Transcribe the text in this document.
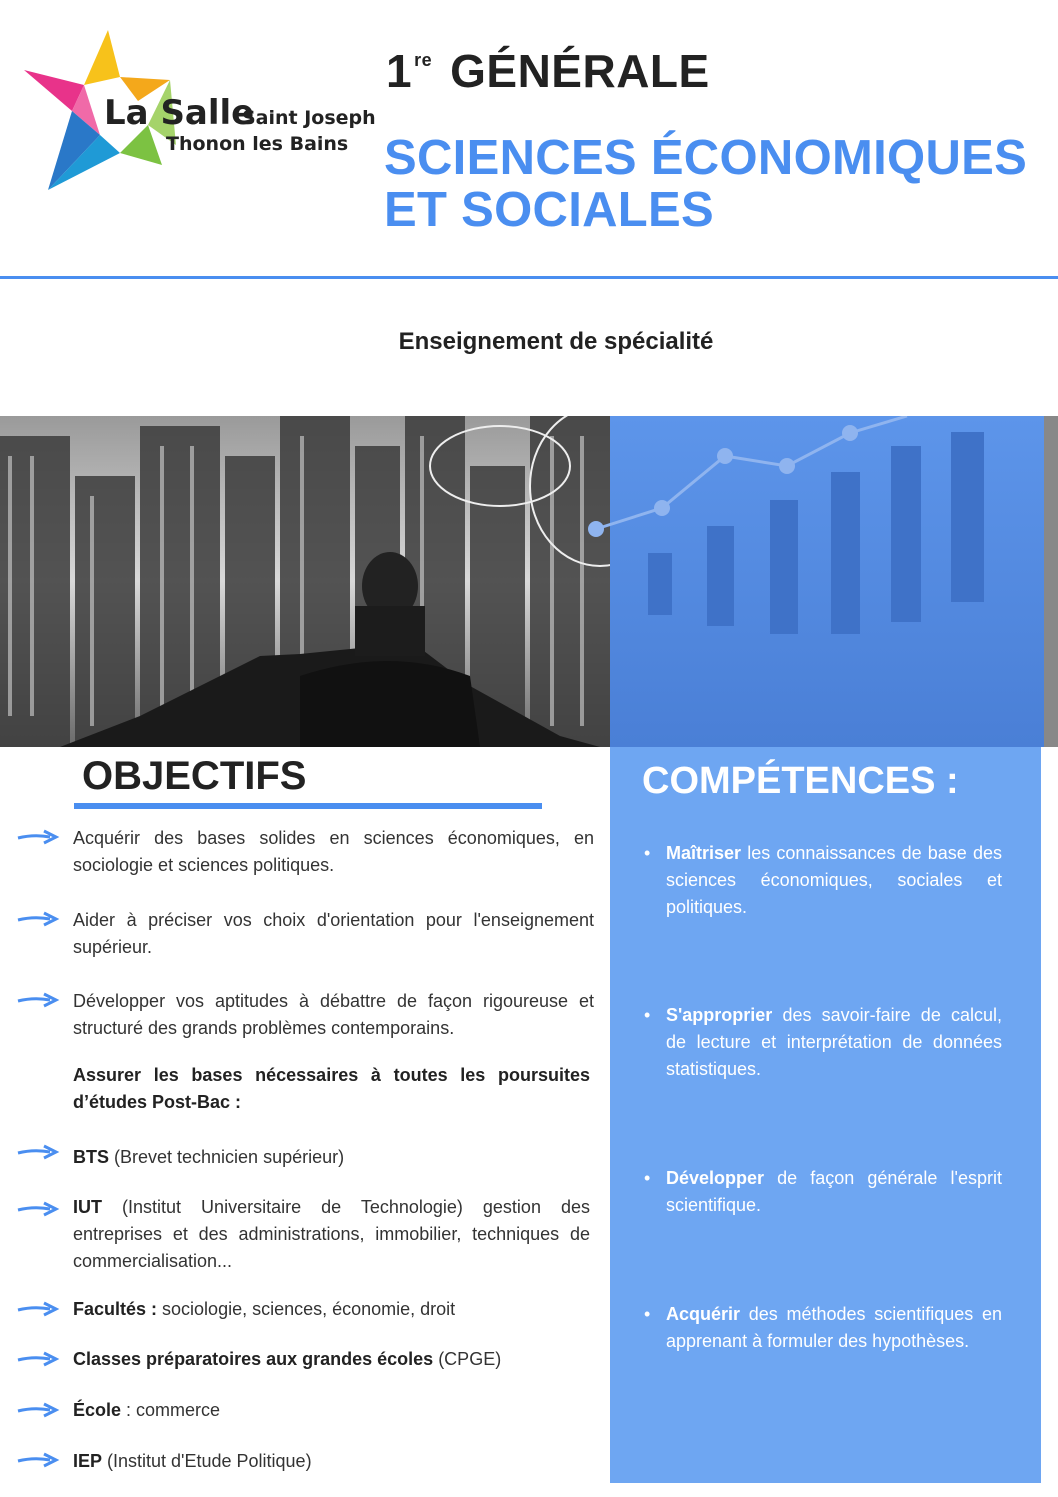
La Salle
Saint Joseph
Thonon les Bains
1 $^{re}$ GÉNÉRALE
SCIENCES ÉCONOMIQUES
ET SOCIALES
Enseignement de spécialité
COMPÉTENCES :
• Maîtriser les connaissances de base des sciences économiques, sociales et politiques.
• S'approprier des savoir-faire de calcul, de lecture et interprétation de données statistiques.
• Développer de façon générale l'esprit scientifique.
• Acquérir des méthodes scientifiques en apprenant à formuler des hypothèses.
OBJECTIFS
Acquérir des bases solides en sciences économiques, en sociologie et sciences politiques.
Aider à préciser vos choix d'orientation pour l'enseignement supérieur.
Développer vos aptitudes à débattre de façon rigoureuse et structuré des grands problèmes contemporains.
Assurer les bases nécessaires à toutes les poursuites d’études Post-Bac :
BTS (Brevet technicien supérieur)
IUT (Institut Universitaire de Technologie) gestion des entreprises et des administrations, immobilier, techniques de commercialisation...
Facultés : sociologie, sciences, économie, droit
Classes préparatoires aux grandes écoles (CPGE)
École : commerce
IEP (Institut d'Etude Politique)
